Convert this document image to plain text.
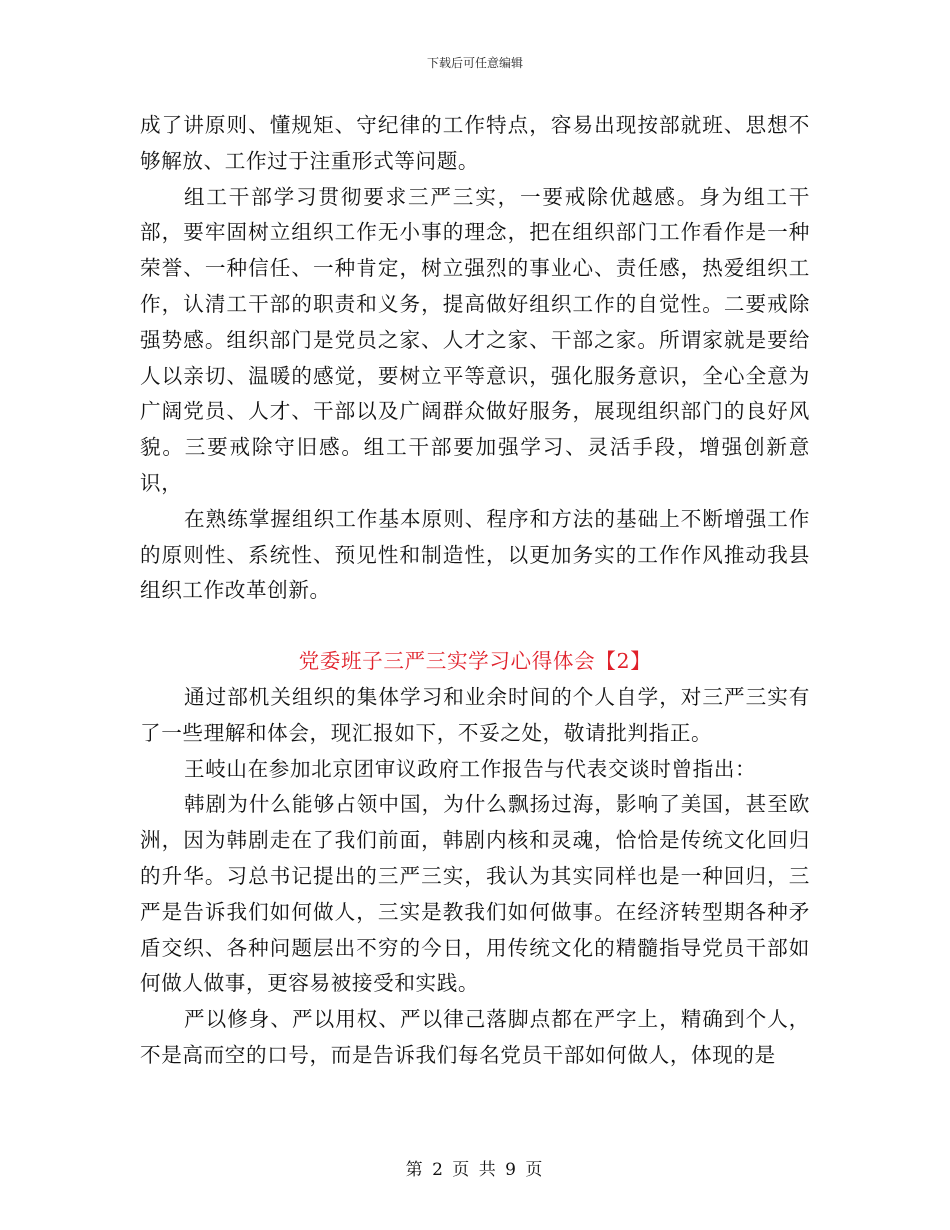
下载后可任意编辑

成了讲原则、懂规矩、守纪律的工作特点，容易出现按部就班、思想不够解放、工作过于注重形式等问题。

组工干部学习贯彻要求三严三实，一要戒除优越感。身为组工干部，要牢固树立组织工作无小事的理念，把在组织部门工作看作是一种荣誉、一种信任、一种肯定，树立强烈的事业心、责任感，热爱组织工作，认清工干部的职责和义务，提高做好组织工作的自觉性。二要戒除强势感。组织部门是党员之家、人才之家、干部之家。所谓家就是要给人以亲切、温暖的感觉，要树立平等意识，强化服务意识，全心全意为广阔党员、人才、干部以及广阔群众做好服务，展现组织部门的良好风貌。三要戒除守旧感。组工干部要加强学习、灵活手段，增强创新意识，

在熟练掌握组织工作基本原则、程序和方法的基础上不断增强工作的原则性、系统性、预见性和制造性，以更加务实的工作作风推动我县组织工作改革创新。

党委班子三严三实学习心得体会【2】

通过部机关组织的集体学习和业余时间的个人自学，对三严三实有了一些理解和体会，现汇报如下，不妥之处，敬请批判指正。

王岐山在参加北京团审议政府工作报告与代表交谈时曾指出：

韩剧为什么能够占领中国，为什么飘扬过海，影响了美国，甚至欧洲，因为韩剧走在了我们前面，韩剧内核和灵魂，恰恰是传统文化回归的升华。习总书记提出的三严三实，我认为其实同样也是一种回归，三严是告诉我们如何做人，三实是教我们如何做事。在经济转型期各种矛盾交织、各种问题层出不穷的今日，用传统文化的精髓指导党员干部如何做人做事，更容易被接受和实践。

严以修身、严以用权、严以律己落脚点都在严字上，精确到个人，不是高而空的口号，而是告诉我们每名党员干部如何做人，体现的是

第 2 页 共 9 页
